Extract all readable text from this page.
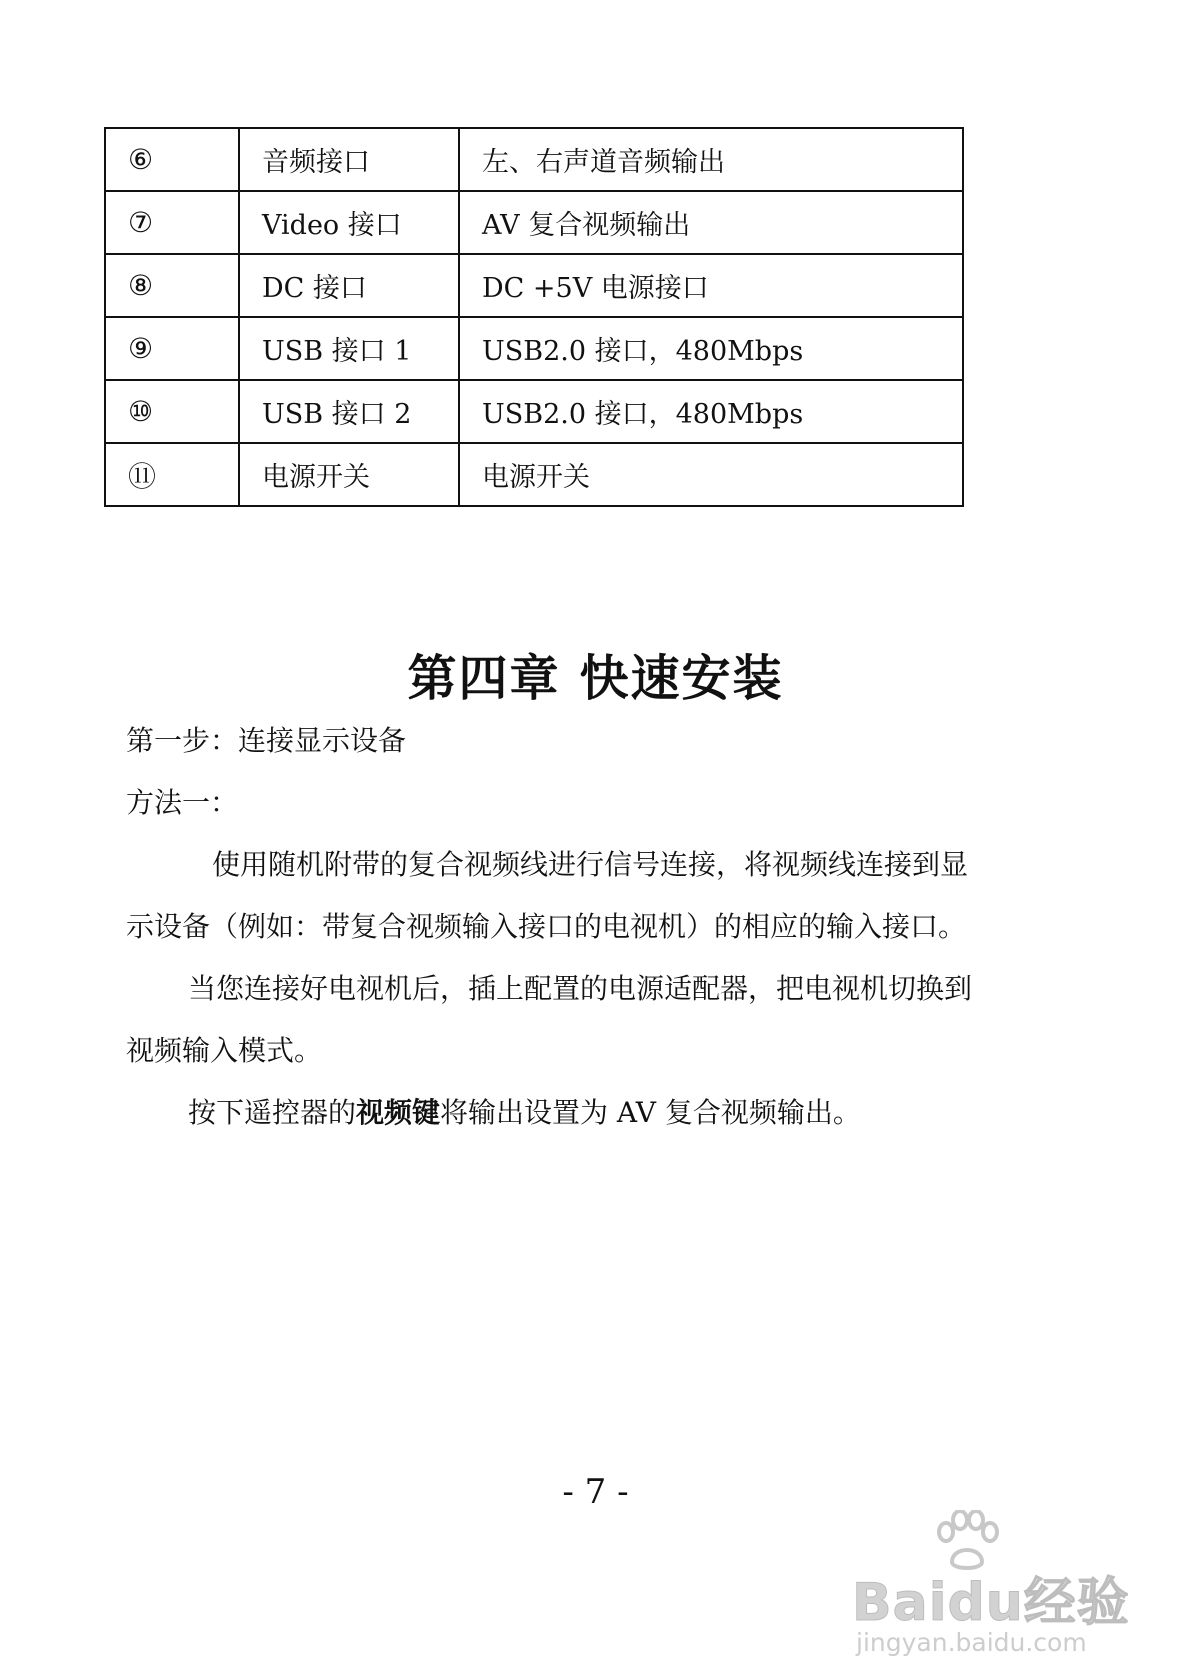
⑥	音频接口	左、右声道音频输出
⑦	Video 接口	AV 复合视频输出
⑧	DC 接口	DC +5V 电源接口
⑨	USB 接口 1	USB2.0 接口，480Mbps
⑩	USB 接口 2	USB2.0 接口，480Mbps
⑪	电源开关	电源开关
第四章 快速安装
第一步：连接显示设备
方法一：
使用随机附带的复合视频线进行信号连接，将视频线连接到显
示设备（例如：带复合视频输入接口的电视机）的相应的输入接口。
当您连接好电视机后，插上配置的电源适配器，把电视机切换到
视频输入模式。
按下遥控器的视频键将输出设置为 AV 复合视频输出。
- 7 -
Baidu经验
jingyan.baidu.com
